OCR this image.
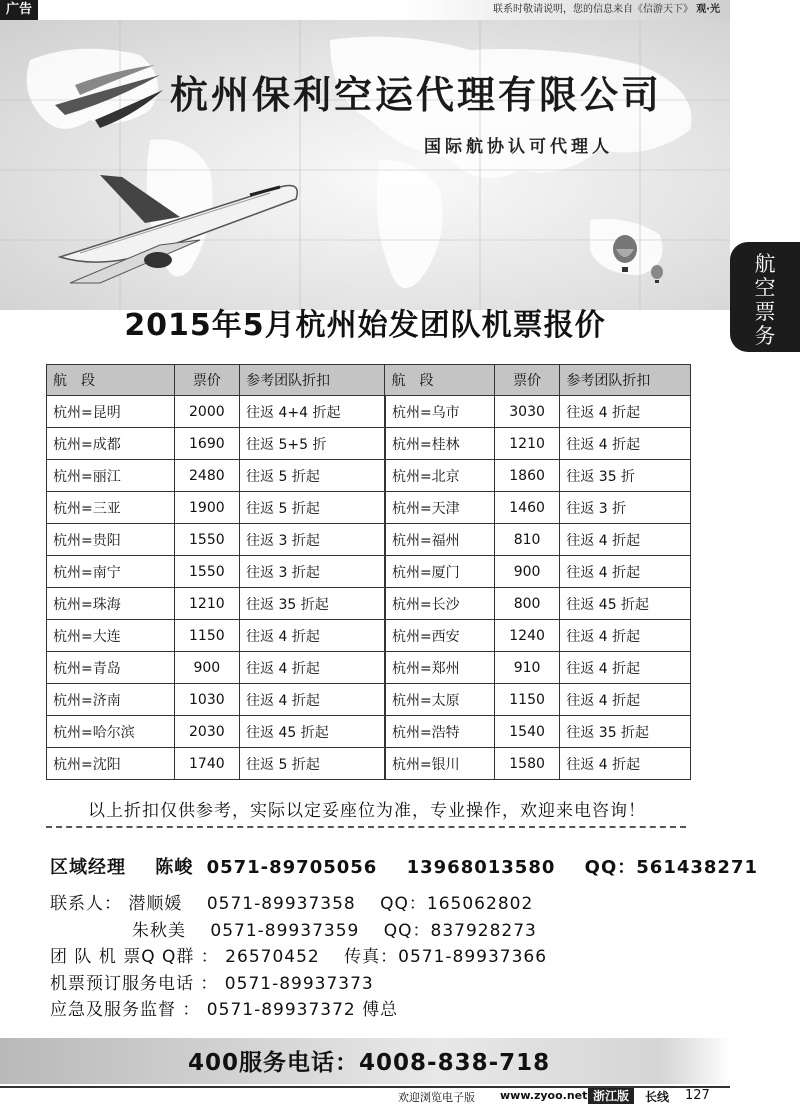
广告	联系时敬请说明，您的信息来自《信游天下》 观·光
杭州保利空运代理有限公司
国际航协认可代理人
航空票务
2015年5月杭州始发团队机票报价
航　段	票价	参考团队折扣	航　段	票价	参考团队折扣
杭州=昆明	2000	往返 4+4 折起	杭州=乌市	3030	往返 4 折起
杭州=成都	1690	往返 5+5 折	杭州=桂林	1210	往返 4 折起
杭州=丽江	2480	往返 5 折起	杭州=北京	1860	往返 35 折
杭州=三亚	1900	往返 5 折起	杭州=天津	1460	往返 3 折
杭州=贵阳	1550	往返 3 折起	杭州=福州	810	往返 4 折起
杭州=南宁	1550	往返 3 折起	杭州=厦门	900	往返 4 折起
杭州=珠海	1210	往返 35 折起	杭州=长沙	800	往返 45 折起
杭州=大连	1150	往返 4 折起	杭州=西安	1240	往返 4 折起
杭州=青岛	900	往返 4 折起	杭州=郑州	910	往返 4 折起
杭州=济南	1030	往返 4 折起	杭州=太原	1150	往返 4 折起
杭州=哈尔滨	2030	往返 45 折起	杭州=浩特	1540	往返 35 折起
杭州=沈阳	1740	往返 5 折起	杭州=银川	1580	往返 4 折起
以上折扣仅供参考，实际以定妥座位为准，专业操作，欢迎来电咨询！
区域经理 陈峻 0571-89705056 13968013580 QQ：561438271
联系人： 潜顺媛 0571-89937358 QQ：165062802
朱秋美 0571-89937359 QQ：837928273
团 队 机 票Q Q群 ： 26570452 传真：0571-89937366
机票预订服务电话 ： 0571-89937373
应急及服务监督 ： 0571-89937372 傅总
400服务电话：4008-838-718
欢迎浏览电子版 www.zyoo.net 浙江版	长线 127
